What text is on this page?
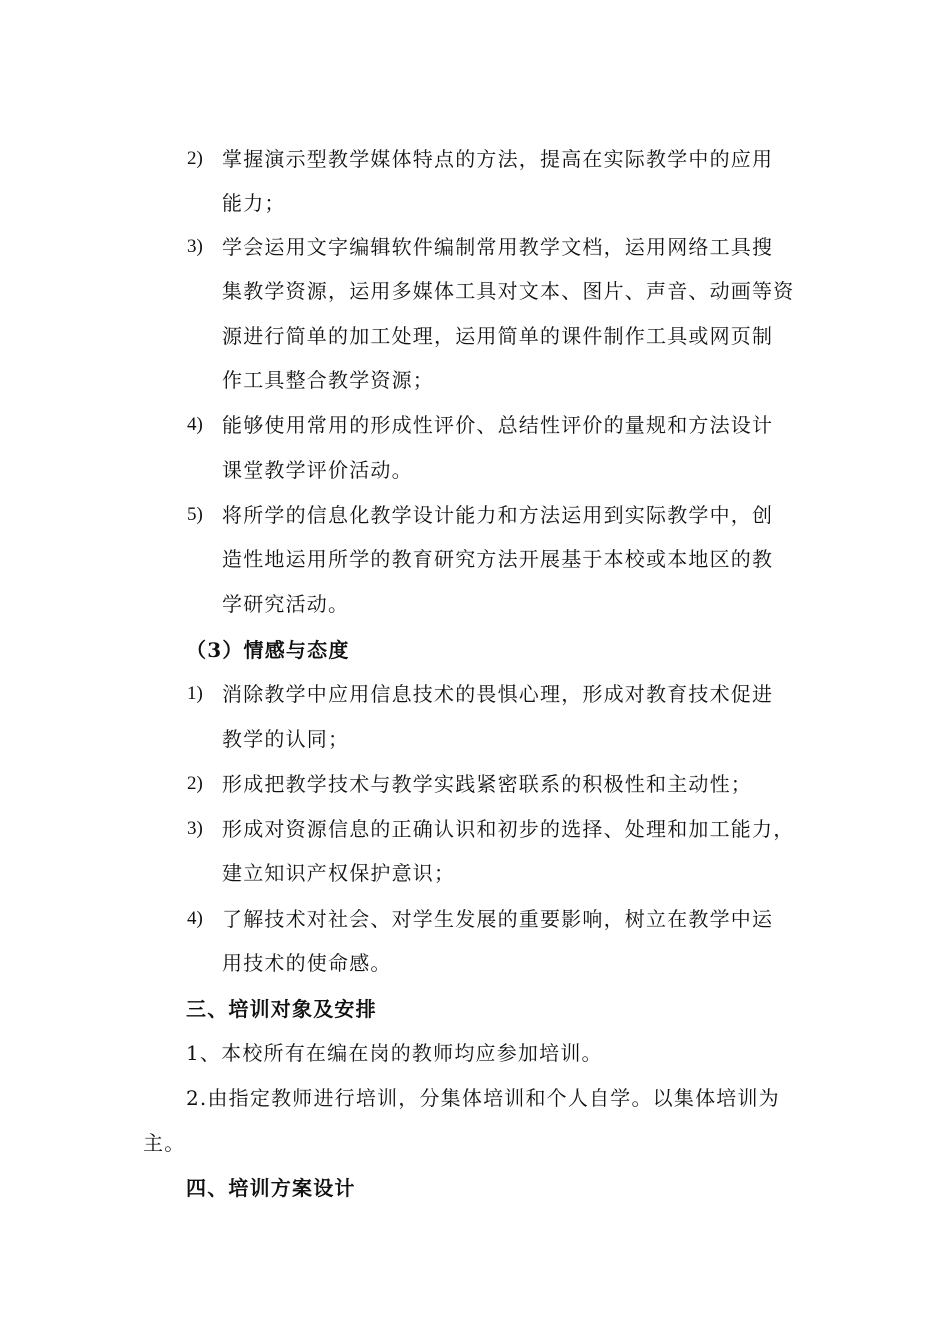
2) 掌握演示型教学媒体特点的方法，提高在实际教学中的应用
能力；
3) 学会运用文字编辑软件编制常用教学文档，运用网络工具搜
集教学资源，运用多媒体工具对文本、图片、声音、动画等资
源进行简单的加工处理，运用简单的课件制作工具或网页制
作工具整合教学资源；
4) 能够使用常用的形成性评价、总结性评价的量规和方法设计
课堂教学评价活动。
5) 将所学的信息化教学设计能力和方法运用到实际教学中，创
造性地运用所学的教育研究方法开展基于本校或本地区的教
学研究活动。
（3）情感与态度
1) 消除教学中应用信息技术的畏惧心理，形成对教育技术促进
教学的认同；
2) 形成把教学技术与教学实践紧密联系的积极性和主动性；
3) 形成对资源信息的正确认识和初步的选择、处理和加工能力，
建立知识产权保护意识；
4) 了解技术对社会、对学生发展的重要影响，树立在教学中运
用技术的使命感。
三、培训对象及安排
1、本校所有在编在岗的教师均应参加培训。
2.由指定教师进行培训，分集体培训和个人自学。以集体培训为
主。
四、培训方案设计
